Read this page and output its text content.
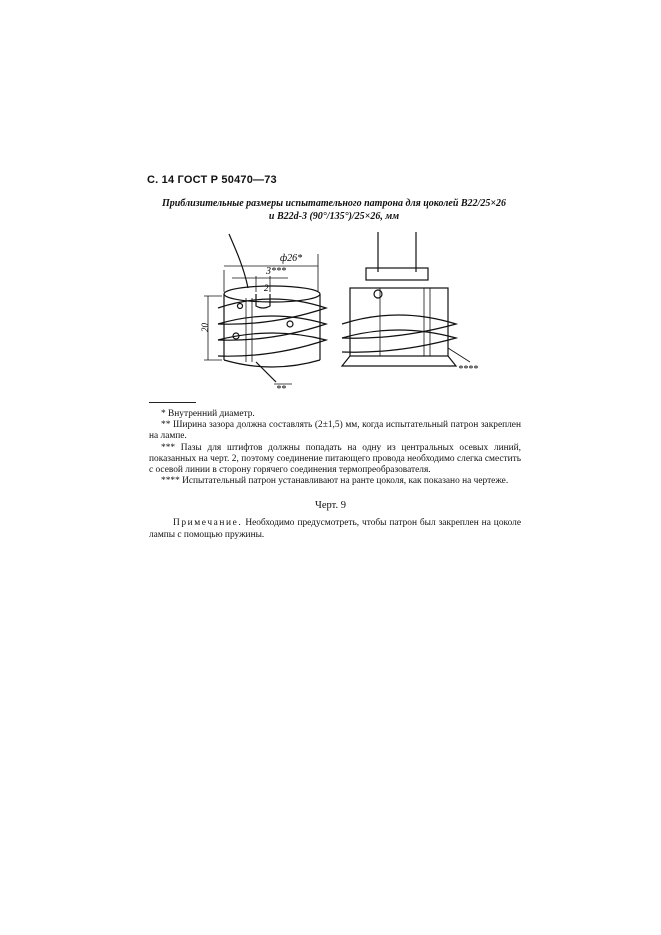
С. 14 ГОСТ Р 50470—73
Приблизительные размеры испытательного патрона для цоколей В22/25×26
и В22d-3 (90°/135°)/25×26, мм
ф26*
3***
2
20
**
****

* Внутренний диаметр.

** Ширина зазора должна составлять (2±1,5) мм, когда испытательный патрон закреплен на лампе.

*** Пазы для штифтов должны попадать на одну из центральных осевых линий, показанных на черт. 2, поэтому соединение питающего провода необходимо слегка сместить с осевой линии в сторону горячего соединения термопреобразователя.

**** Испытательный патрон устанавливают на ранте цоколя, как показано на чертеже.

Черт. 9
Примечание. Необходимо предусмотреть, чтобы патрон был закреплен на цоколе лампы с помощью пружины.
